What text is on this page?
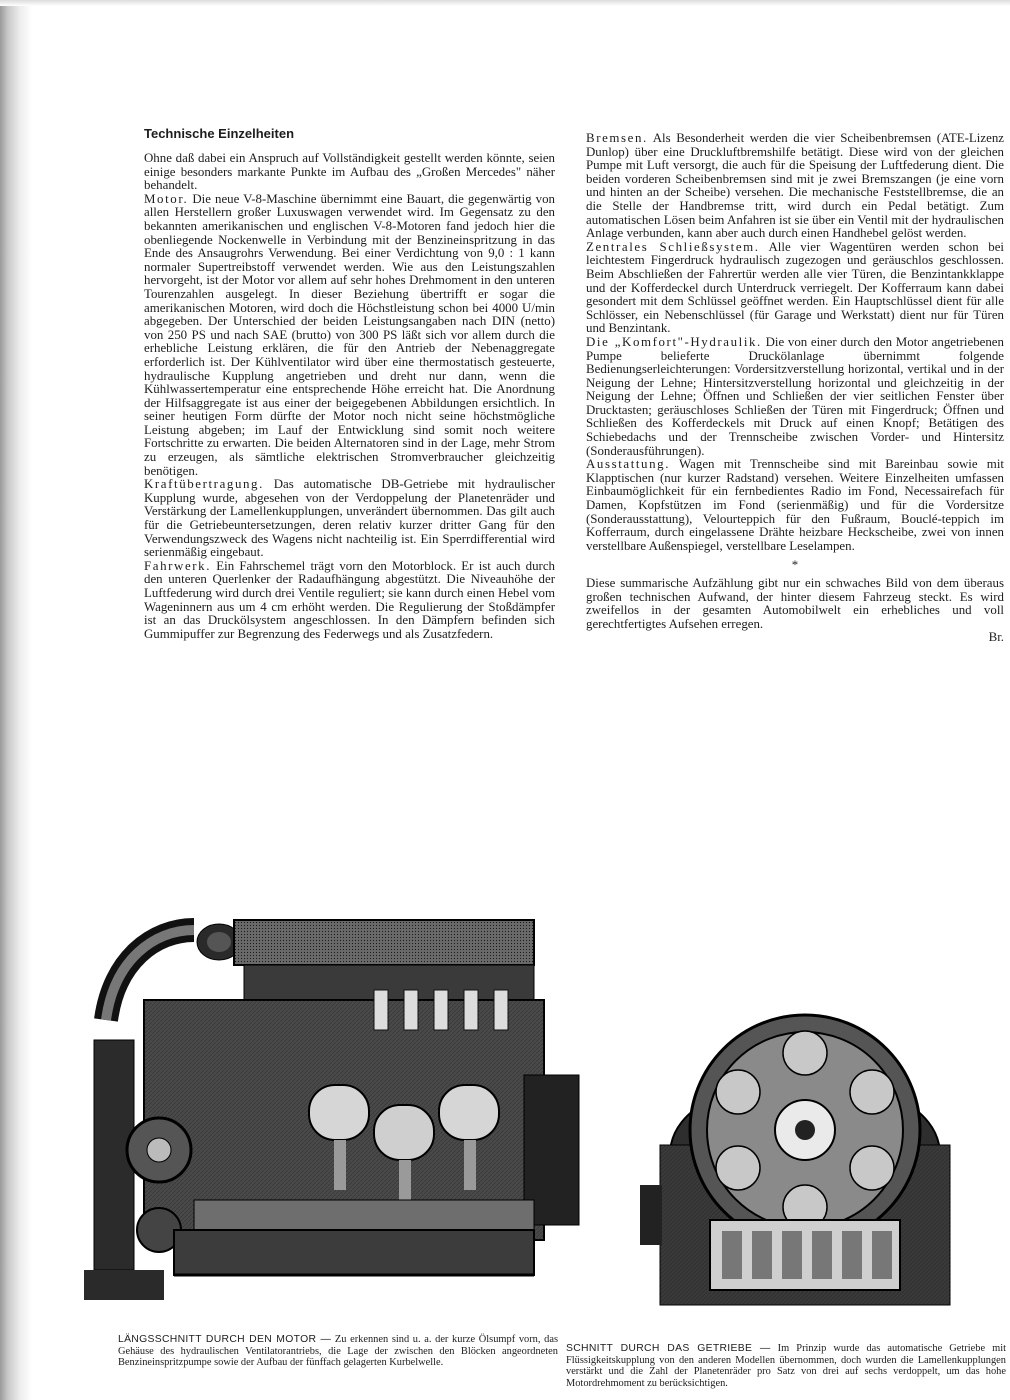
Technische Einzelheiten

Ohne daß dabei ein Anspruch auf Vollständigkeit gestellt werden könnte, seien einige besonders markante Punkte im Aufbau des „Großen Mercedes" näher behandelt.

Motor. Die neue V-8-Maschine übernimmt eine Bauart, die gegenwärtig von allen Herstellern großer Luxuswagen verwendet wird. Im Gegensatz zu den bekannten amerikanischen und englischen V-8-Motoren fand jedoch hier die obenliegende Nockenwelle in Verbindung mit der Benzineinspritzung in das Ende des Ansaugrohrs Verwendung. Bei einer Verdichtung von 9,0 : 1 kann normaler Supertreibstoff verwendet werden. Wie aus den Leistungszahlen hervorgeht, ist der Motor vor allem auf sehr hohes Drehmoment in den unteren Tourenzahlen ausgelegt. In dieser Beziehung übertrifft er sogar die amerikanischen Motoren, wird doch die Höchstleistung schon bei 4000 U/min abgegeben. Der Unterschied der beiden Leistungsangaben nach DIN (netto) von 250 PS und nach SAE (brutto) von 300 PS läßt sich vor allem durch die erhebliche Leistung erklären, die für den Antrieb der Nebenaggregate erforderlich ist. Der Kühlventilator wird über eine thermostatisch gesteuerte, hydraulische Kupplung angetrieben und dreht nur dann, wenn die Kühlwassertemperatur eine entsprechende Höhe erreicht hat. Die Anordnung der Hilfsaggregate ist aus einer der beigegebenen Abbildungen ersichtlich. In seiner heutigen Form dürfte der Motor noch nicht seine höchstmögliche Leistung abgeben; im Lauf der Entwicklung sind somit noch weitere Fortschritte zu erwarten. Die beiden Alternatoren sind in der Lage, mehr Strom zu erzeugen, als sämtliche elektrischen Stromverbraucher gleichzeitig benötigen.

Kraftübertragung. Das automatische DB-Getriebe mit hydraulischer Kupplung wurde, abgesehen von der Verdoppelung der Planetenräder und Verstärkung der Lamellenkupplungen, unverändert übernommen. Das gilt auch für die Getriebeuntersetzungen, deren relativ kurzer dritter Gang für den Verwendungszweck des Wagens nicht nachteilig ist. Ein Sperrdifferential wird serienmäßig eingebaut.

Fahrwerk. Ein Fahrschemel trägt vorn den Motorblock. Er ist auch durch den unteren Querlenker der Radaufhängung abgestützt. Die Niveauhöhe der Luftfederung wird durch drei Ventile reguliert; sie kann durch einen Hebel vom Wageninnern aus um 4 cm erhöht werden. Die Regulierung der Stoßdämpfer ist an das Druckölsystem angeschlossen. In den Dämpfern befinden sich Gummipuffer zur Begrenzung des Federwegs und als Zusatzfedern.

Bremsen. Als Besonderheit werden die vier Scheibenbremsen (ATE-Lizenz Dunlop) über eine Druckluftbremshilfe betätigt. Diese wird von der gleichen Pumpe mit Luft versorgt, die auch für die Speisung der Luftfederung dient. Die beiden vorderen Scheibenbremsen sind mit je zwei Bremszangen (je eine vorn und hinten an der Scheibe) versehen. Die mechanische Feststellbremse, die an die Stelle der Handbremse tritt, wird durch ein Pedal betätigt. Zum automatischen Lösen beim Anfahren ist sie über ein Ventil mit der hydraulischen Anlage verbunden, kann aber auch durch einen Handhebel gelöst werden.

Zentrales Schließsystem. Alle vier Wagentüren werden schon bei leichtestem Fingerdruck hydraulisch zugezogen und geräuschlos geschlossen. Beim Abschließen der Fahrertür werden alle vier Türen, die Benzintankklappe und der Kofferdeckel durch Unterdruck verriegelt. Der Kofferraum kann dabei gesondert mit dem Schlüssel geöffnet werden. Ein Hauptschlüssel dient für alle Schlösser, ein Nebenschlüssel (für Garage und Werkstatt) dient nur für Türen und Benzintank.

Die „Komfort"-Hydraulik. Die von einer durch den Motor angetriebenen Pumpe belieferte Druckölanlage übernimmt folgende Bedienungserleichterungen: Vordersitzverstellung horizontal, vertikal und in der Neigung der Lehne; Hintersitzverstellung horizontal und gleichzeitig in der Neigung der Lehne; Öffnen und Schließen der vier seitlichen Fenster über Drucktasten; geräuschloses Schließen der Türen mit Fingerdruck; Öffnen und Schließen des Kofferdeckels mit Druck auf einen Knopf; Betätigen des Schiebedachs und der Trennscheibe zwischen Vorder- und Hintersitz (Sonderausführungen).

Ausstattung. Wagen mit Trennscheibe sind mit Bareinbau sowie mit Klapptischen (nur kurzer Radstand) versehen. Weitere Einzelheiten umfassen Einbaumöglichkeit für ein fernbedientes Radio im Fond, Necessairefach für Damen, Kopfstützen im Fond (serienmäßig) und für die Vordersitze (Sonderausstattung), Velourteppich für den Fußraum, Bouclé-teppich im Kofferraum, durch eingelassene Drähte heizbare Heckscheibe, zwei von innen verstellbare Außenspiegel, verstellbare Leselampen.

*

Diese summarische Aufzählung gibt nur ein schwaches Bild von dem überaus großen technischen Aufwand, der hinter diesem Fahrzeug steckt. Es wird zweifellos in der gesamten Automobilwelt ein erhebliches und voll gerechtfertigtes Aufsehen erregen.

Br.

LÄNGSSCHNITT DURCH DEN MOTOR — Zu erkennen sind u. a. der kurze Ölsumpf vorn, das Gehäuse des hydraulischen Ventilatorantriebs, die Lage der zwischen den Blöcken angeordneten Benzineinspritzpumpe sowie der Aufbau der fünffach gelagerten Kurbelwelle.
SCHNITT DURCH DAS GETRIEBE — Im Prinzip wurde das automatische Getriebe mit Flüssigkeitskupplung von den anderen Modellen übernommen, doch wurden die Lamellenkupplungen verstärkt und die Zahl der Planetenräder pro Satz von drei auf sechs verdoppelt, um das hohe Motordrehmoment zu berücksichtigen.
